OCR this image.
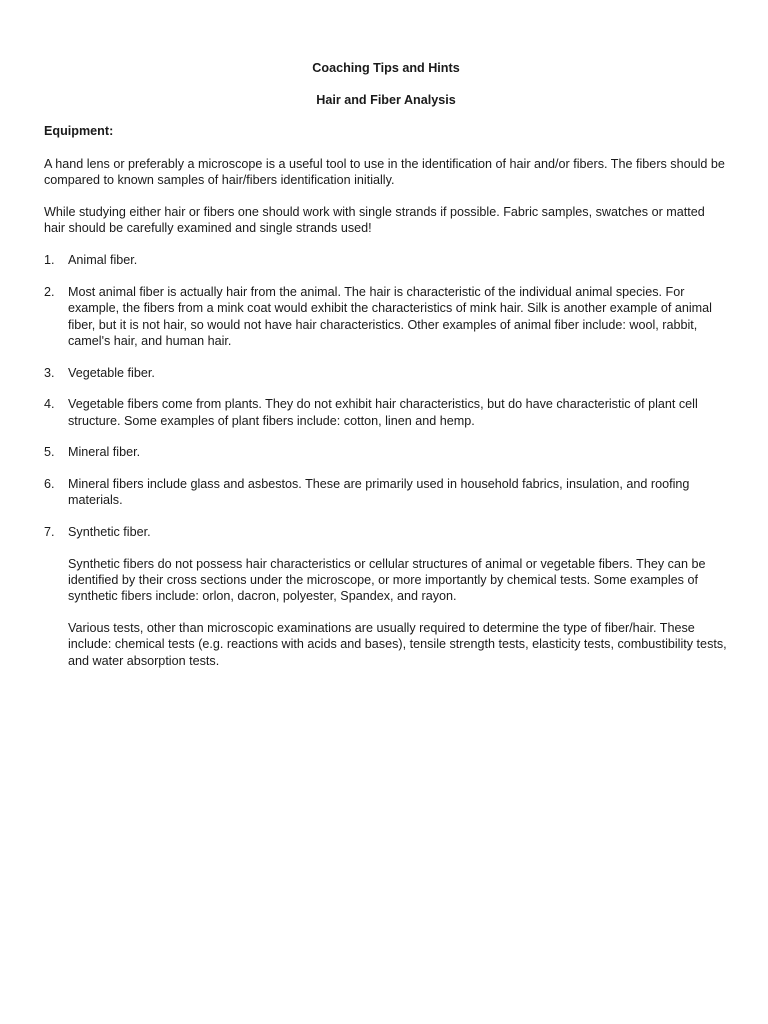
Coaching Tips and Hints

Hair and Fiber Analysis

Equipment:

A hand lens or preferably a microscope is a useful tool to use in the identification of hair and/or fibers. The fibers should be compared to known samples of hair/fibers identification initially.

While studying either hair or fibers one should work with single strands if possible. Fabric samples, swatches or matted hair should be carefully examined and single strands used!

1. Animal fiber.
2. Most animal fiber is actually hair from the animal. The hair is characteristic of the individual animal species. For example, the fibers from a mink coat would exhibit the characteristics of mink hair. Silk is another example of animal fiber, but it is not hair, so would not have hair characteristics. Other examples of animal fiber include: wool, rabbit, camel's hair, and human hair.
3. Vegetable fiber.
4. Vegetable fibers come from plants. They do not exhibit hair characteristics, but do have characteristic of plant cell structure. Some examples of plant fibers include: cotton, linen and hemp.
5. Mineral fiber.
6. Mineral fibers include glass and asbestos. These are primarily used in household fabrics, insulation, and roofing materials.
7. Synthetic fiber.

Synthetic fibers do not possess hair characteristics or cellular structures of animal or vegetable fibers. They can be identified by their cross sections under the microscope, or more importantly by chemical tests. Some examples of synthetic fibers include: orlon, dacron, polyester, Spandex, and rayon.

Various tests, other than microscopic examinations are usually required to determine the type of fiber/hair. These include: chemical tests (e.g. reactions with acids and bases), tensile strength tests, elasticity tests, combustibility tests, and water absorption tests.
